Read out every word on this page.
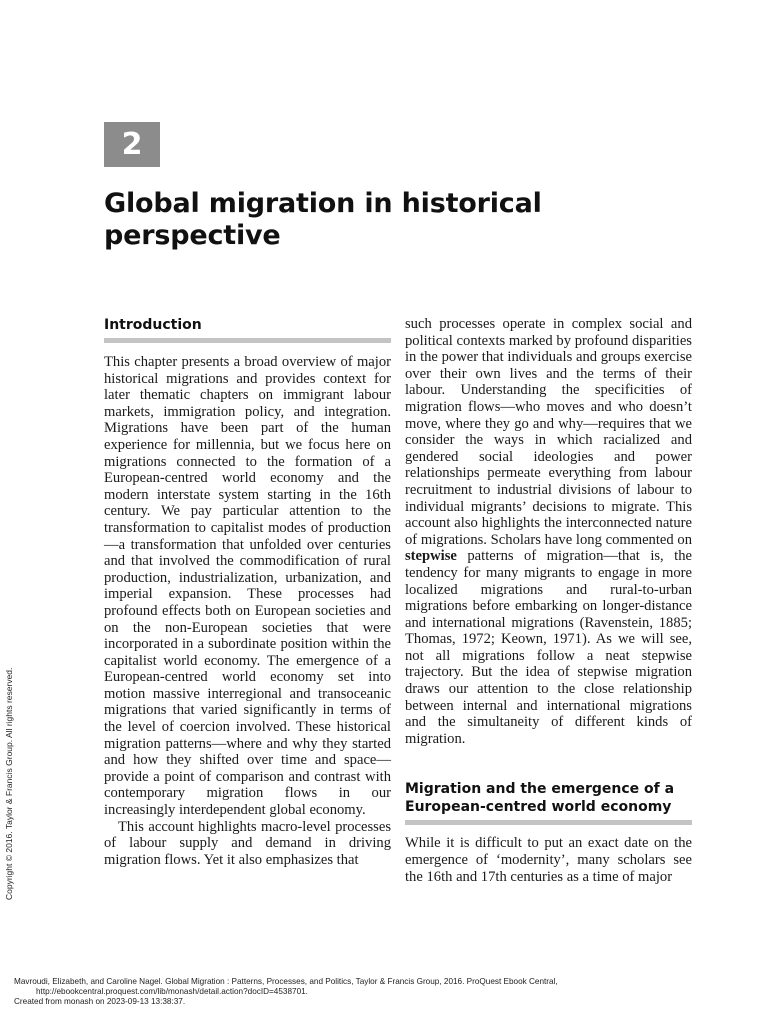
2
Global migration in historical perspective
Introduction

This chapter presents a broad overview of major historical migrations and provides context for later thematic chapters on immigrant labour markets, immigration policy, and integration. Migrations have been part of the human experience for millennia, but we focus here on migrations connected to the formation of a European-centred world economy and the modern interstate system starting in the 16th century. We pay particular attention to the transformation to capitalist modes of production—a transformation that unfolded over centuries and that involved the commodification of rural production, industrialization, urbanization, and imperial expansion. These processes had profound effects both on European societies and on the non-European societies that were incorporated in a subordinate position within the capitalist world economy. The emergence of a European-centred world economy set into motion massive interregional and transoceanic migrations that varied significantly in terms of the level of coercion involved. These historical migration patterns—where and why they started and how they shifted over time and space—provide a point of comparison and contrast with contemporary migration flows in our increasingly interdependent global economy.

This account highlights macro-level processes of labour supply and demand in driving migration flows. Yet it also emphasizes that

such processes operate in complex social and political contexts marked by profound disparities in the power that individuals and groups exercise over their own lives and the terms of their labour. Understanding the specificities of migration flows—who moves and who doesn’t move, where they go and why—requires that we consider the ways in which racialized and gendered social ideologies and power relationships permeate everything from labour recruitment to industrial divisions of labour to individual migrants’ decisions to migrate. This account also highlights the interconnected nature of migrations. Scholars have long commented on stepwise patterns of migration—that is, the tendency for many migrants to engage in more localized migrations and rural-to-urban migrations before embarking on longer-distance and international migrations (Ravenstein, 1885; Thomas, 1972; Keown, 1971). As we will see, not all migrations follow a neat stepwise trajectory. But the idea of stepwise migration draws our attention to the close relationship between internal and international migrations and the simultaneity of different kinds of migration.

Migration and the emergence of a European-centred world economy

While it is difficult to put an exact date on the emergence of ‘modernity’, many scholars see the 16th and 17th centuries as a time of major

Copyright © 2016. Taylor & Francis Group. All rights reserved.
Mavroudi, Elizabeth, and Caroline Nagel. Global Migration : Patterns, Processes, and Politics, Taylor & Francis Group, 2016. ProQuest Ebook Central,
http://ebookcentral.proquest.com/lib/monash/detail.action?docID=4538701.
Created from monash on 2023-09-13 13:38:37.
